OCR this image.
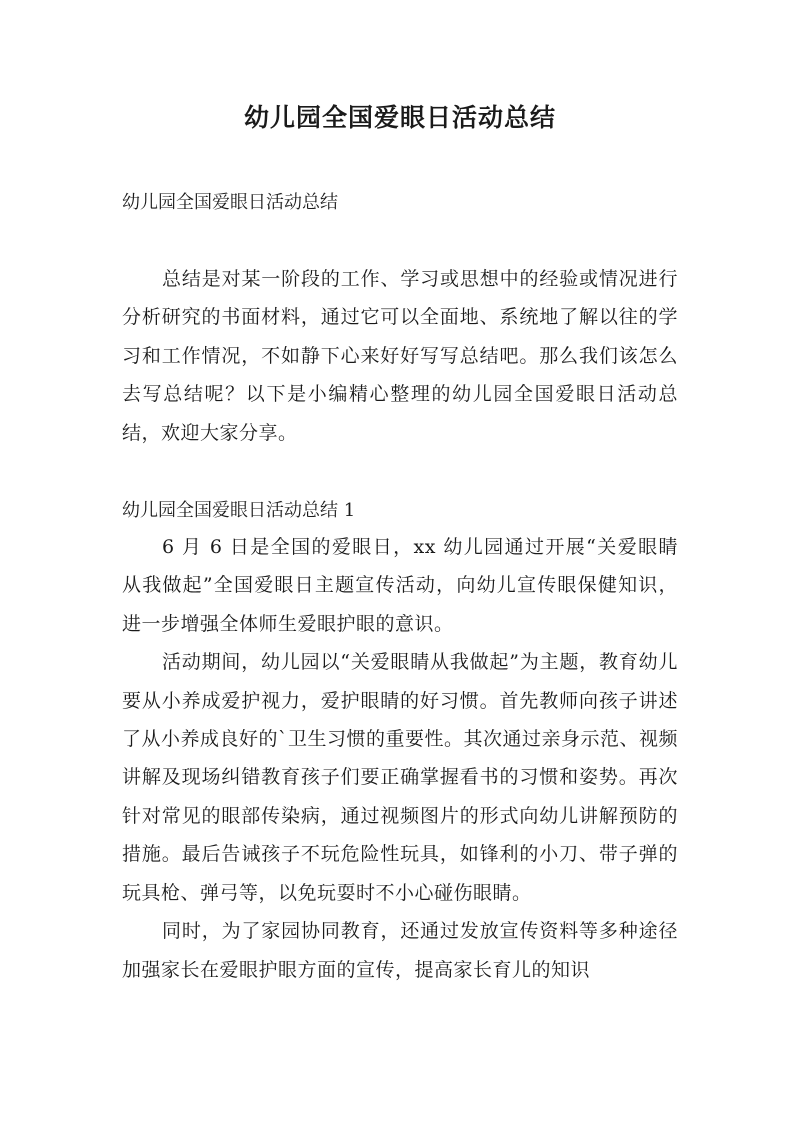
幼儿园全国爱眼日活动总结

幼儿园全国爱眼日活动总结

总结是对某一阶段的工作、学习或思想中的经验或情况进行分析研究的书面材料，通过它可以全面地、系统地了解以往的学习和工作情况，不如静下心来好好写写总结吧。那么我们该怎么去写总结呢？以下是小编精心整理的幼儿园全国爱眼日活动总结，欢迎大家分享。

幼儿园全国爱眼日活动总结 1

6 月 6 日是全国的爱眼日，xx 幼儿园通过开展“关爱眼睛 从我做起”全国爱眼日主题宣传活动，向幼儿宣传眼保健知识，进一步增强全体师生爱眼护眼的意识。

活动期间，幼儿园以“关爱眼睛从我做起”为主题，教育幼儿要从小养成爱护视力，爱护眼睛的好习惯。首先教师向孩子讲述了从小养成良好的`卫生习惯的重要性。其次通过亲身示范、视频讲解及现场纠错教育孩子们要正确掌握看书的习惯和姿势。再次针对常见的眼部传染病，通过视频图片的形式向幼儿讲解预防的措施。最后告诫孩子不玩危险性玩具，如锋利的小刀、带子弹的玩具枪、弹弓等，以免玩耍时不小心碰伤眼睛。

同时，为了家园协同教育，还通过发放宣传资料等多种途径加强家长在爱眼护眼方面的宣传，提高家长育儿的知识
